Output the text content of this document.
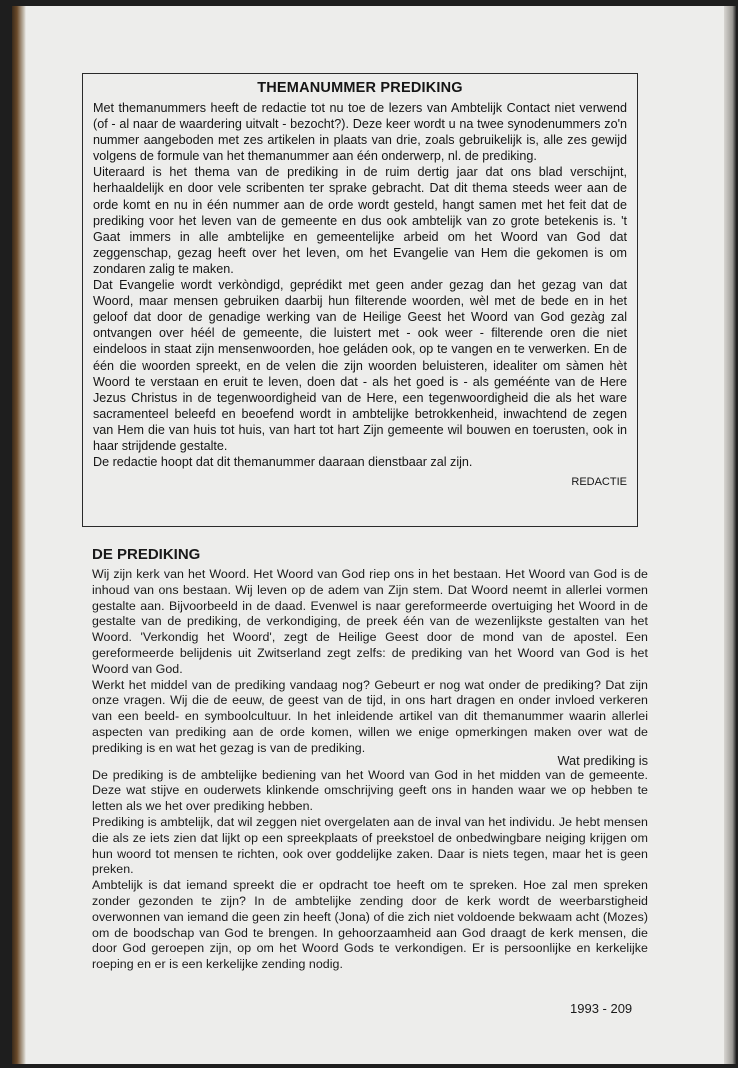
THEMANUMMER PREDIKING

Met themanummers heeft de redactie tot nu toe de lezers van Ambtelijk Contact niet verwend (of - al naar de waardering uitvalt - bezocht?). Deze keer wordt u na twee synodenummers zo'n nummer aangeboden met zes artikelen in plaats van drie, zoals gebruikelijk is, alle zes gewijd volgens de formule van het themanummer aan één onderwerp, nl. de prediking.

Uiteraard is het thema van de prediking in de ruim dertig jaar dat ons blad verschijnt, herhaaldelijk en door vele scribenten ter sprake gebracht. Dat dit thema steeds weer aan de orde komt en nu in één nummer aan de orde wordt gesteld, hangt samen met het feit dat de prediking voor het leven van de gemeente en dus ook ambtelijk van zo grote betekenis is. 't Gaat immers in alle ambtelijke en gemeentelijke arbeid om het Woord van God dat zeggenschap, gezag heeft over het leven, om het Evangelie van Hem die gekomen is om zondaren zalig te maken.

Dat Evangelie wordt verkòndigd, geprédikt met geen ander gezag dan het gezag van dat Woord, maar mensen gebruiken daarbij hun filterende woorden, wèl met de bede en in het geloof dat door de genadige werking van de Heilige Geest het Woord van God gezàg zal ontvangen over héél de gemeente, die luistert met - ook weer - filterende oren die niet eindeloos in staat zijn mensenwoorden, hoe geláden ook, op te vangen en te verwerken. En de één die woorden spreekt, en de velen die zijn woorden beluisteren, idealiter om sàmen hèt Woord te verstaan en eruit te leven, doen dat - als het goed is - als geméénte van de Here Jezus Christus in de tegenwoordigheid van de Here, een tegenwoordigheid die als het ware sacramenteel beleefd en beoefend wordt in ambtelijke betrokkenheid, inwachtend de zegen van Hem die van huis tot huis, van hart tot hart Zijn gemeente wil bouwen en toerusten, ook in haar strijdende gestalte.

De redactie hoopt dat dit themanummer daaraan dienstbaar zal zijn.

REDACTIE
DE PREDIKING

Wij zijn kerk van het Woord. Het Woord van God riep ons in het bestaan. Het Woord van God is de inhoud van ons bestaan. Wij leven op de adem van Zijn stem. Dat Woord neemt in allerlei vormen gestalte aan. Bijvoorbeeld in de daad. Evenwel is naar gereformeerde overtuiging het Woord in de gestalte van de prediking, de verkondiging, de preek één van de wezenlijkste gestalten van het Woord. 'Verkondig het Woord', zegt de Heilige Geest door de mond van de apostel. Een gereformeerde belijdenis uit Zwitserland zegt zelfs: de prediking van het Woord van God is het Woord van God.

Werkt het middel van de prediking vandaag nog? Gebeurt er nog wat onder de prediking? Dat zijn onze vragen. Wij die de eeuw, de geest van de tijd, in ons hart dragen en onder invloed verkeren van een beeld- en symboolcultuur. In het inleidende artikel van dit themanummer waarin allerlei aspecten van prediking aan de orde komen, willen we enige opmerkingen maken over wat de prediking is en wat het gezag is van de prediking.

Wat prediking is

De prediking is de ambtelijke bediening van het Woord van God in het midden van de gemeente. Deze wat stijve en ouderwets klinkende omschrijving geeft ons in handen waar we op hebben te letten als we het over prediking hebben.

Prediking is ambtelijk, dat wil zeggen niet overgelaten aan de inval van het individu. Je hebt mensen die als ze iets zien dat lijkt op een spreekplaats of preekstoel de onbedwingbare neiging krijgen om hun woord tot mensen te richten, ook over goddelijke zaken. Daar is niets tegen, maar het is geen preken.

Ambtelijk is dat iemand spreekt die er opdracht toe heeft om te spreken. Hoe zal men spreken zonder gezonden te zijn? In de ambtelijke zending door de kerk wordt de weerbarstigheid overwonnen van iemand die geen zin heeft (Jona) of die zich niet voldoende bekwaam acht (Mozes) om de boodschap van God te brengen. In gehoorzaamheid aan God draagt de kerk mensen, die door God geroepen zijn, op om het Woord Gods te verkondigen. Er is persoonlijke en kerkelijke roeping en er is een kerkelijke zending nodig.

1993 - 209
